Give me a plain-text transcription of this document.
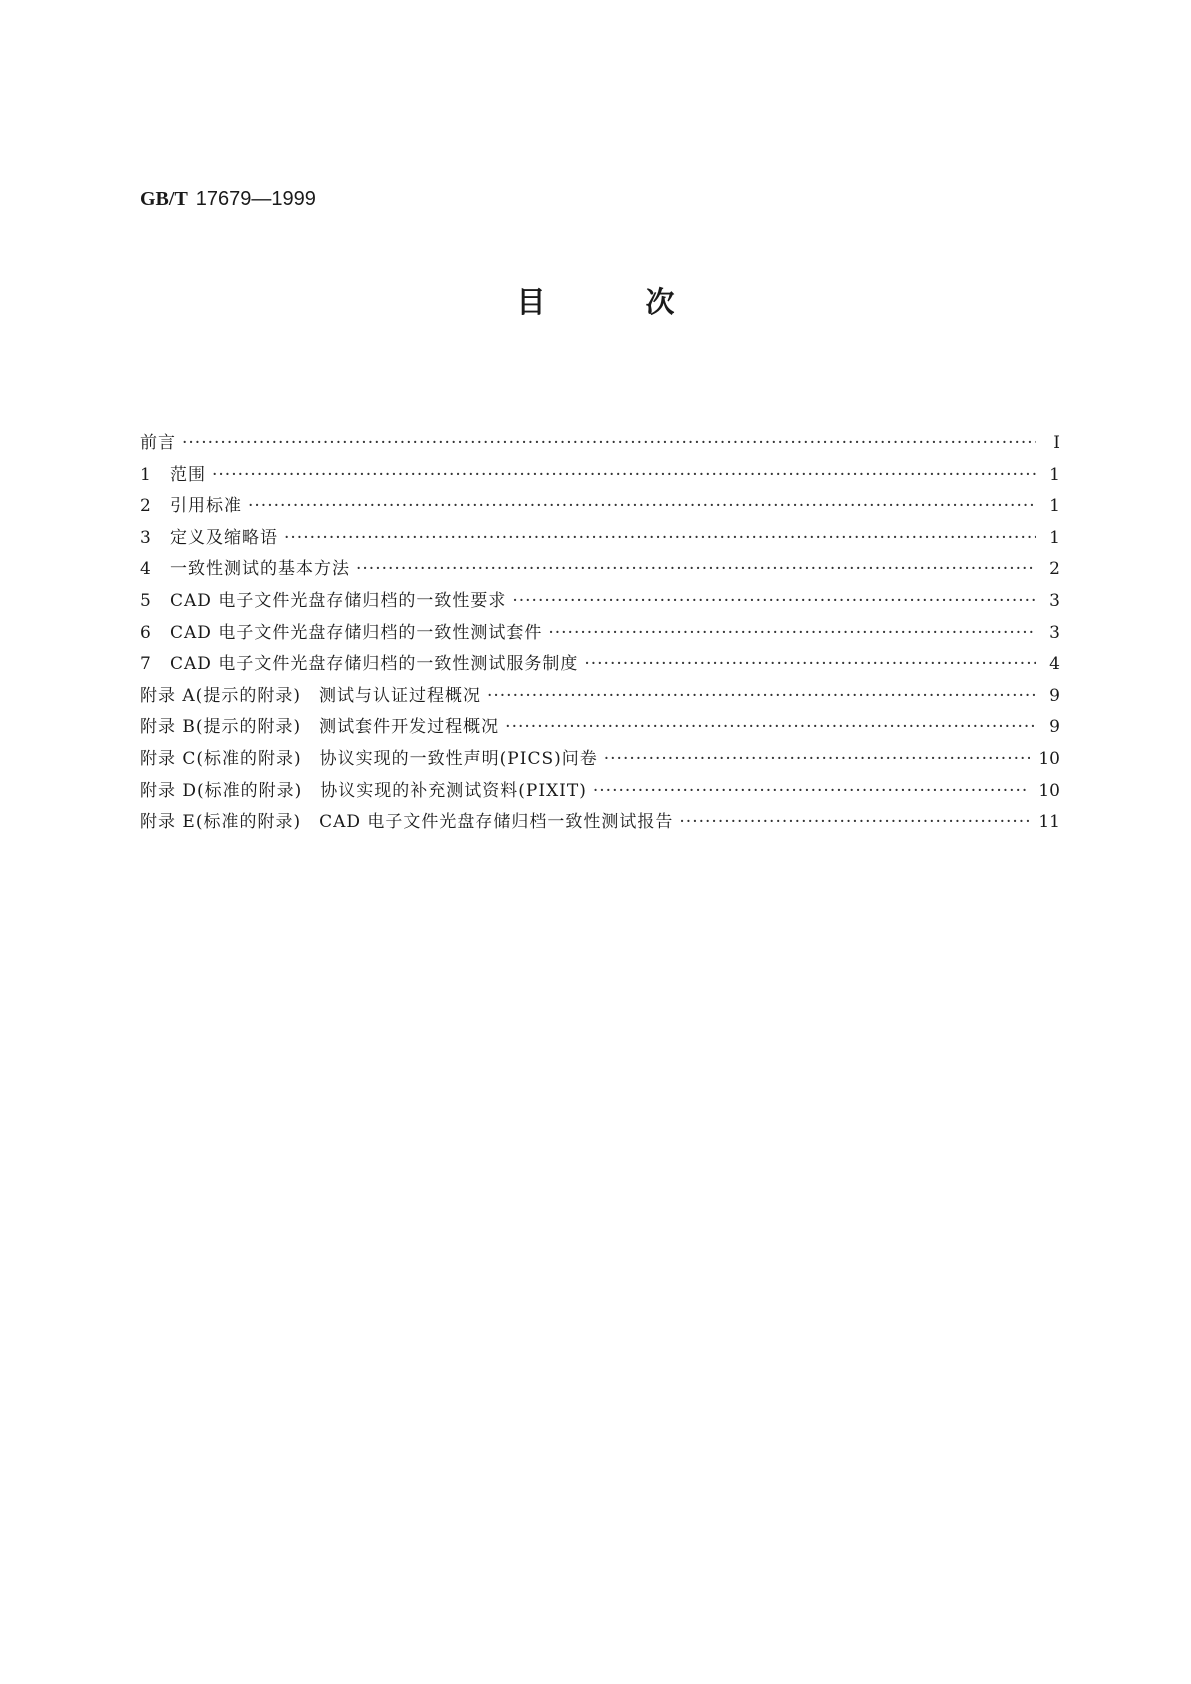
GB/T 17679—1999
目次
前言 ·····	Ⅰ
1 范围 ·····	1
2 引用标准 ·····	1
3 定义及缩略语 ·····	1
4 一致性测试的基本方法 ·····	2
5 CAD 电子文件光盘存储归档的一致性要求 ·····	3
6 CAD 电子文件光盘存储归档的一致性测试套件 ·····	3
7 CAD 电子文件光盘存储归档的一致性测试服务制度 ·····	4
附录 A(提示的附录)　测试与认证过程概况 ·····	9
附录 B(提示的附录)　测试套件开发过程概况 ·····	9
附录 C(标准的附录)　协议实现的一致性声明(PICS)问卷 ·····	10
附录 D(标准的附录)　协议实现的补充测试资料(PIXIT) ·····	10
附录 E(标准的附录)　CAD 电子文件光盘存储归档一致性测试报告 ·····	11
